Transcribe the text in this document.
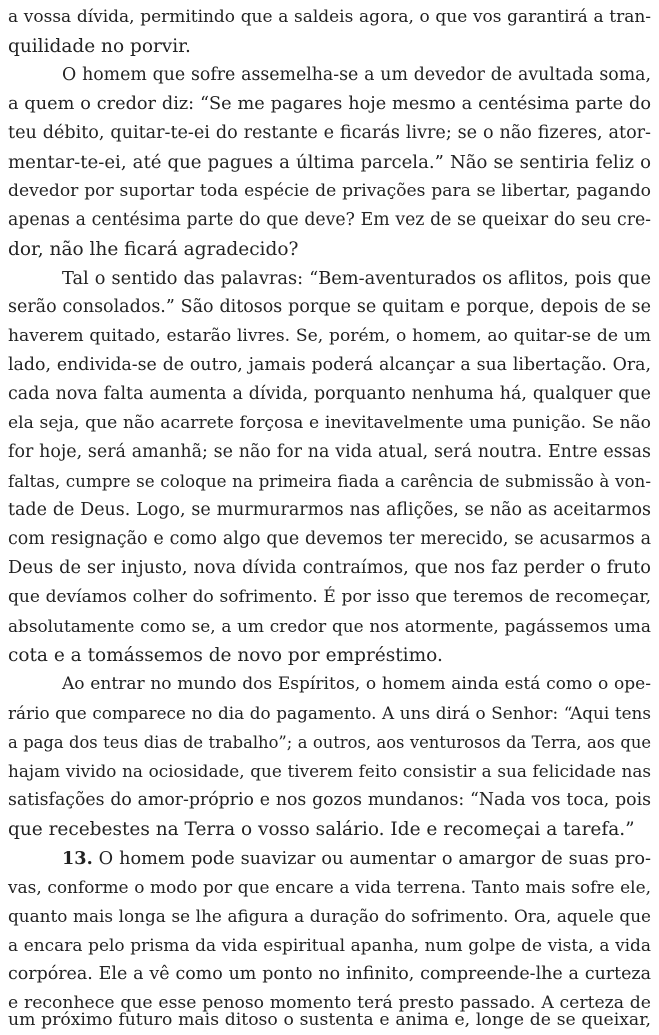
a vossa dívida, permitindo que a saldeis agora, o que vos garantirá a tran-
quilidade no porvir.
O homem que sofre assemelha-se a um devedor de avultada soma,
a quem o credor diz: “Se me pagares hoje mesmo a centésima parte do
teu débito, quitar-te-ei do restante e ficarás livre; se o não fizeres, ator-
mentar-te-ei, até que pagues a última parcela.” Não se sentiria feliz o
devedor por suportar toda espécie de privações para se libertar, pagando
apenas a centésima parte do que deve? Em vez de se queixar do seu cre-
dor, não lhe ficará agradecido?
Tal o sentido das palavras: “Bem-aventurados os aflitos, pois que
serão consolados.” São ditosos porque se quitam e porque, depois de se
haverem quitado, estarão livres. Se, porém, o homem, ao quitar-se de um
lado, endivida-se de outro, jamais poderá alcançar a sua libertação. Ora,
cada nova falta aumenta a dívida, porquanto nenhuma há, qualquer que
ela seja, que não acarrete forçosa e inevitavelmente uma punição. Se não
for hoje, será amanhã; se não for na vida atual, será noutra. Entre essas
faltas, cumpre se coloque na primeira fiada a carência de submissão à von-
tade de Deus. Logo, se murmurarmos nas aflições, se não as aceitarmos
com resignação e como algo que devemos ter merecido, se acusarmos a
Deus de ser injusto, nova dívida contraímos, que nos faz perder o fruto
que devíamos colher do sofrimento. É por isso que teremos de recomeçar,
absolutamente como se, a um credor que nos atormente, pagássemos uma
cota e a tomássemos de novo por empréstimo.
Ao entrar no mundo dos Espíritos, o homem ainda está como o ope-
rário que comparece no dia do pagamento. A uns dirá o Senhor: “Aqui tens
a paga dos teus dias de trabalho”; a outros, aos venturosos da Terra, aos que
hajam vivido na ociosidade, que tiverem feito consistir a sua felicidade nas
satisfações do amor-próprio e nos gozos mundanos: “Nada vos toca, pois
que recebestes na Terra o vosso salário. Ide e recomeçai a tarefa.”
13. O homem pode suavizar ou aumentar o amargor de suas pro-
vas, conforme o modo por que encare a vida terrena. Tanto mais sofre ele,
quanto mais longa se lhe afigura a duração do sofrimento. Ora, aquele que
a encara pelo prisma da vida espiritual apanha, num golpe de vista, a vida
corpórea. Ele a vê como um ponto no infinito, compreende-lhe a curteza
e reconhece que esse penoso momento terá presto passado. A certeza de
um próximo futuro mais ditoso o sustenta e anima e, longe de se queixar,
